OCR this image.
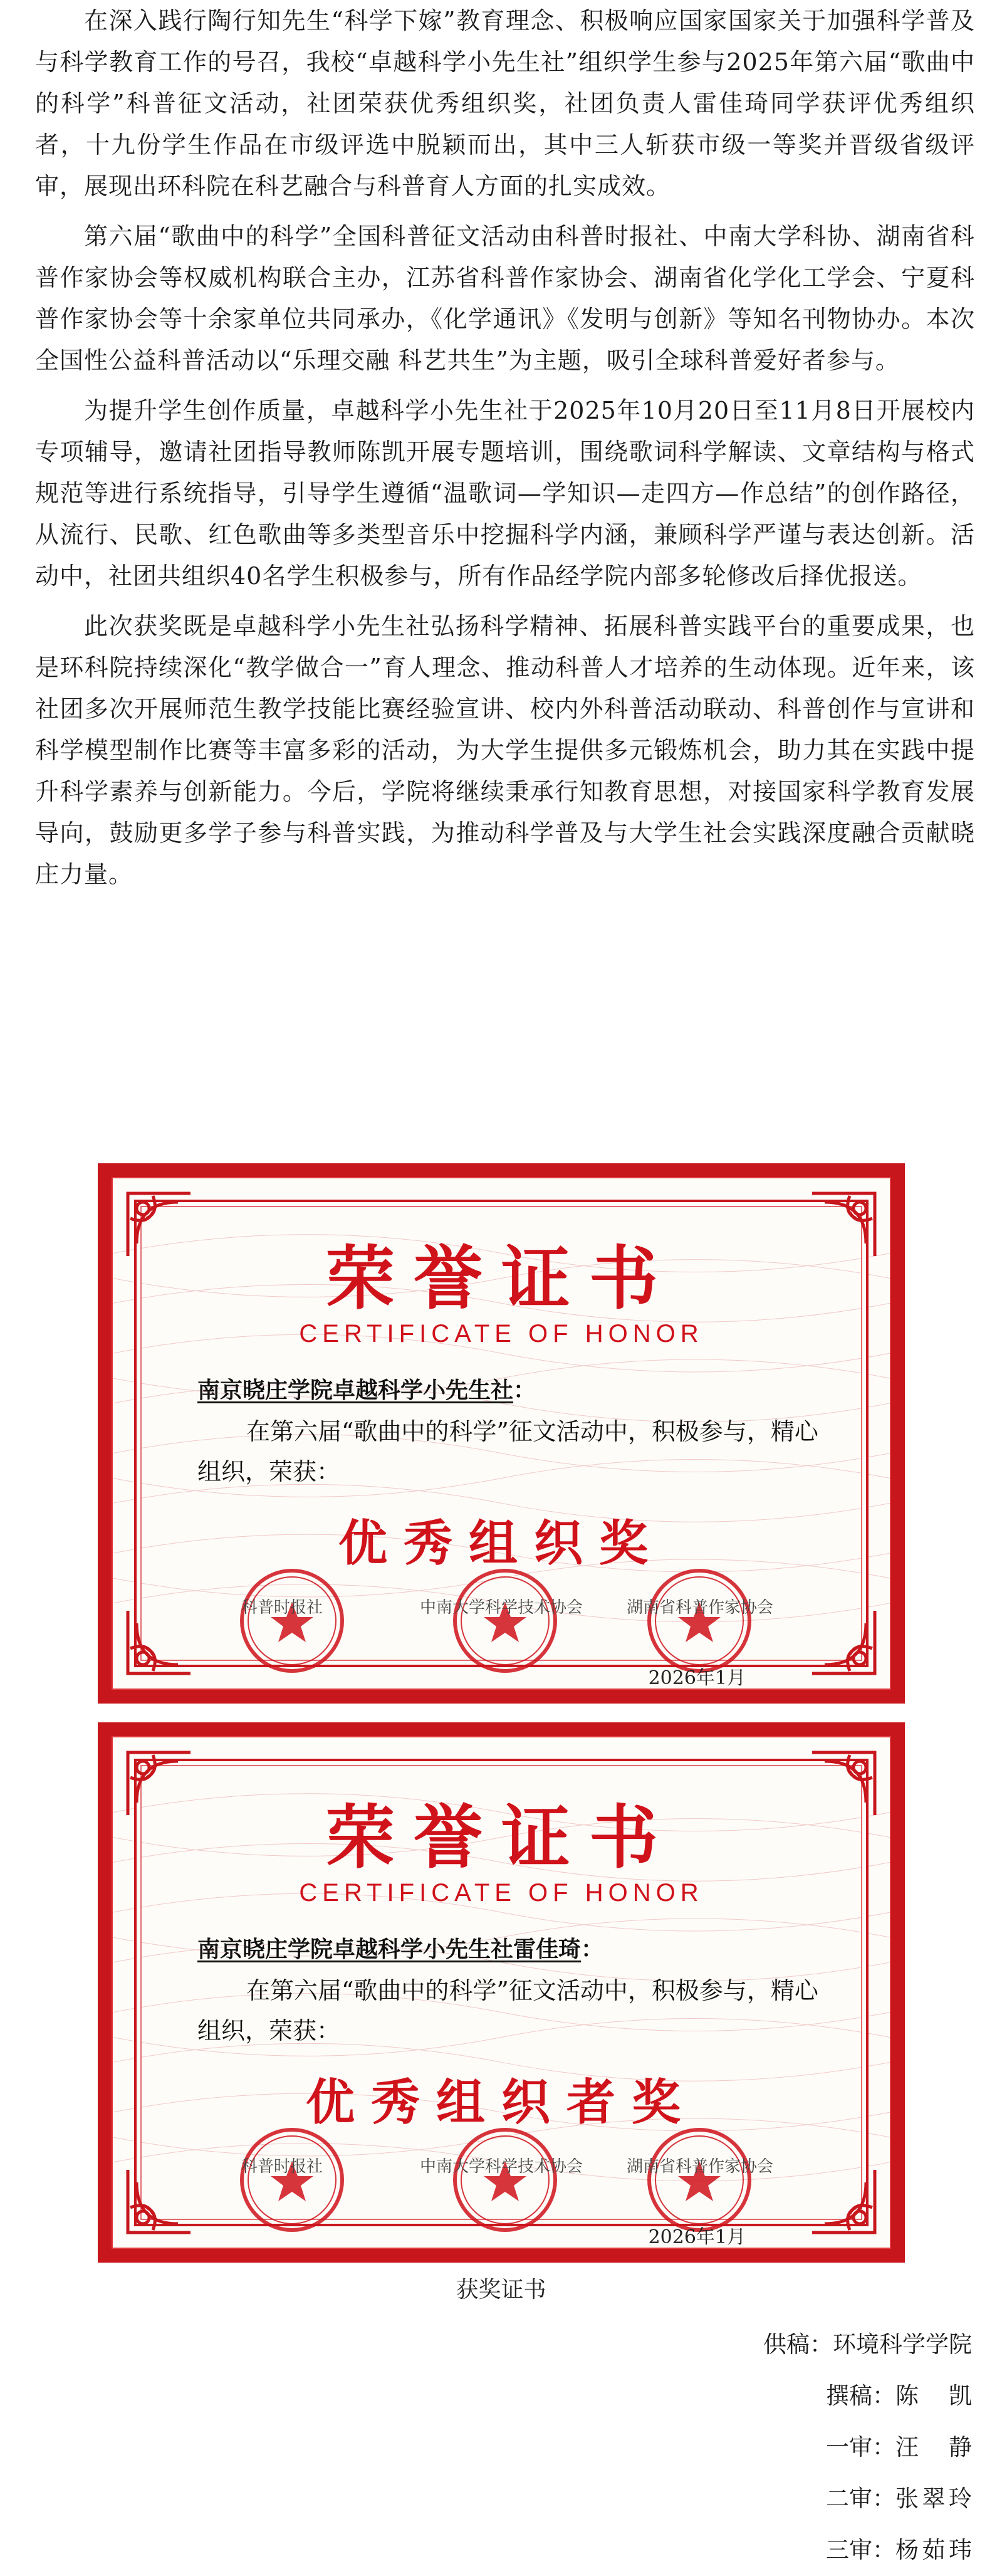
在深入践行陶行知先生“科学下嫁”教育理念、积极响应国家国家关于加强科学普及与科学教育工作的号召，我校“卓越科学小先生社”组织学生参与2025年第六届“歌曲中的科学”科普征文活动，社团荣获优秀组织奖，社团负责人雷佳琦同学获评优秀组织者，十九份学生作品在市级评选中脱颖而出，其中三人斩获市级一等奖并晋级省级评审，展现出环科院在科艺融合与科普育人方面的扎实成效。

第六届“歌曲中的科学”全国科普征文活动由科普时报社、中南大学科协、湖南省科普作家协会等权威机构联合主办，江苏省科普作家协会、湖南省化学化工学会、宁夏科普作家协会等十余家单位共同承办，《化学通讯》《发明与创新》等知名刊物协办。本次全国性公益科普活动以“乐理交融 科艺共生”为主题，吸引全球科普爱好者参与。

为提升学生创作质量，卓越科学小先生社于2025年10月20日至11月8日开展校内专项辅导，邀请社团指导教师陈凯开展专题培训，围绕歌词科学解读、文章结构与格式规范等进行系统指导，引导学生遵循“温歌词—学知识—走四方—作总结”的创作路径，从流行、民歌、红色歌曲等多类型音乐中挖掘科学内涵，兼顾科学严谨与表达创新。活动中，社团共组织40名学生积极参与，所有作品经学院内部多轮修改后择优报送。

此次获奖既是卓越科学小先生社弘扬科学精神、拓展科普实践平台的重要成果，也是环科院持续深化“教学做合一”育人理念、推动科普人才培养的生动体现。近年来，该社团多次开展师范生教学技能比赛经验宣讲、校内外科普活动联动、科普创作与宣讲和科学模型制作比赛等丰富多彩的活动，为大学生提供多元锻炼机会，助力其在实践中提升科学素养与创新能力。今后，学院将继续秉承行知教育思想，对接国家科学教育发展导向，鼓励更多学子参与科普实践，为推动科学普及与大学生社会实践深度融合贡献晓庄力量。

荣誉证书
CERTIFICATE OF HONOR
南京晓庄学院卓越科学小先生社：
在第六届“歌曲中的科学”征文活动中，积极参与，精心组织，荣获：
优秀组织奖
科普时报社	中南大学科学技术协会	湖南省科普作家协会
2026年1月
荣誉证书
CERTIFICATE OF HONOR
南京晓庄学院卓越科学小先生社雷佳琦：
在第六届“歌曲中的科学”征文活动中，积极参与，精心组织，荣获：
优秀组织者奖
科普时报社	中南大学科学技术协会	湖南省科普作家协会
2026年1月
获奖证书
供稿： 环境科学学院
撰稿： 陈凯
一审： 汪静
二审： 张翠玲
三审： 杨茹玮
